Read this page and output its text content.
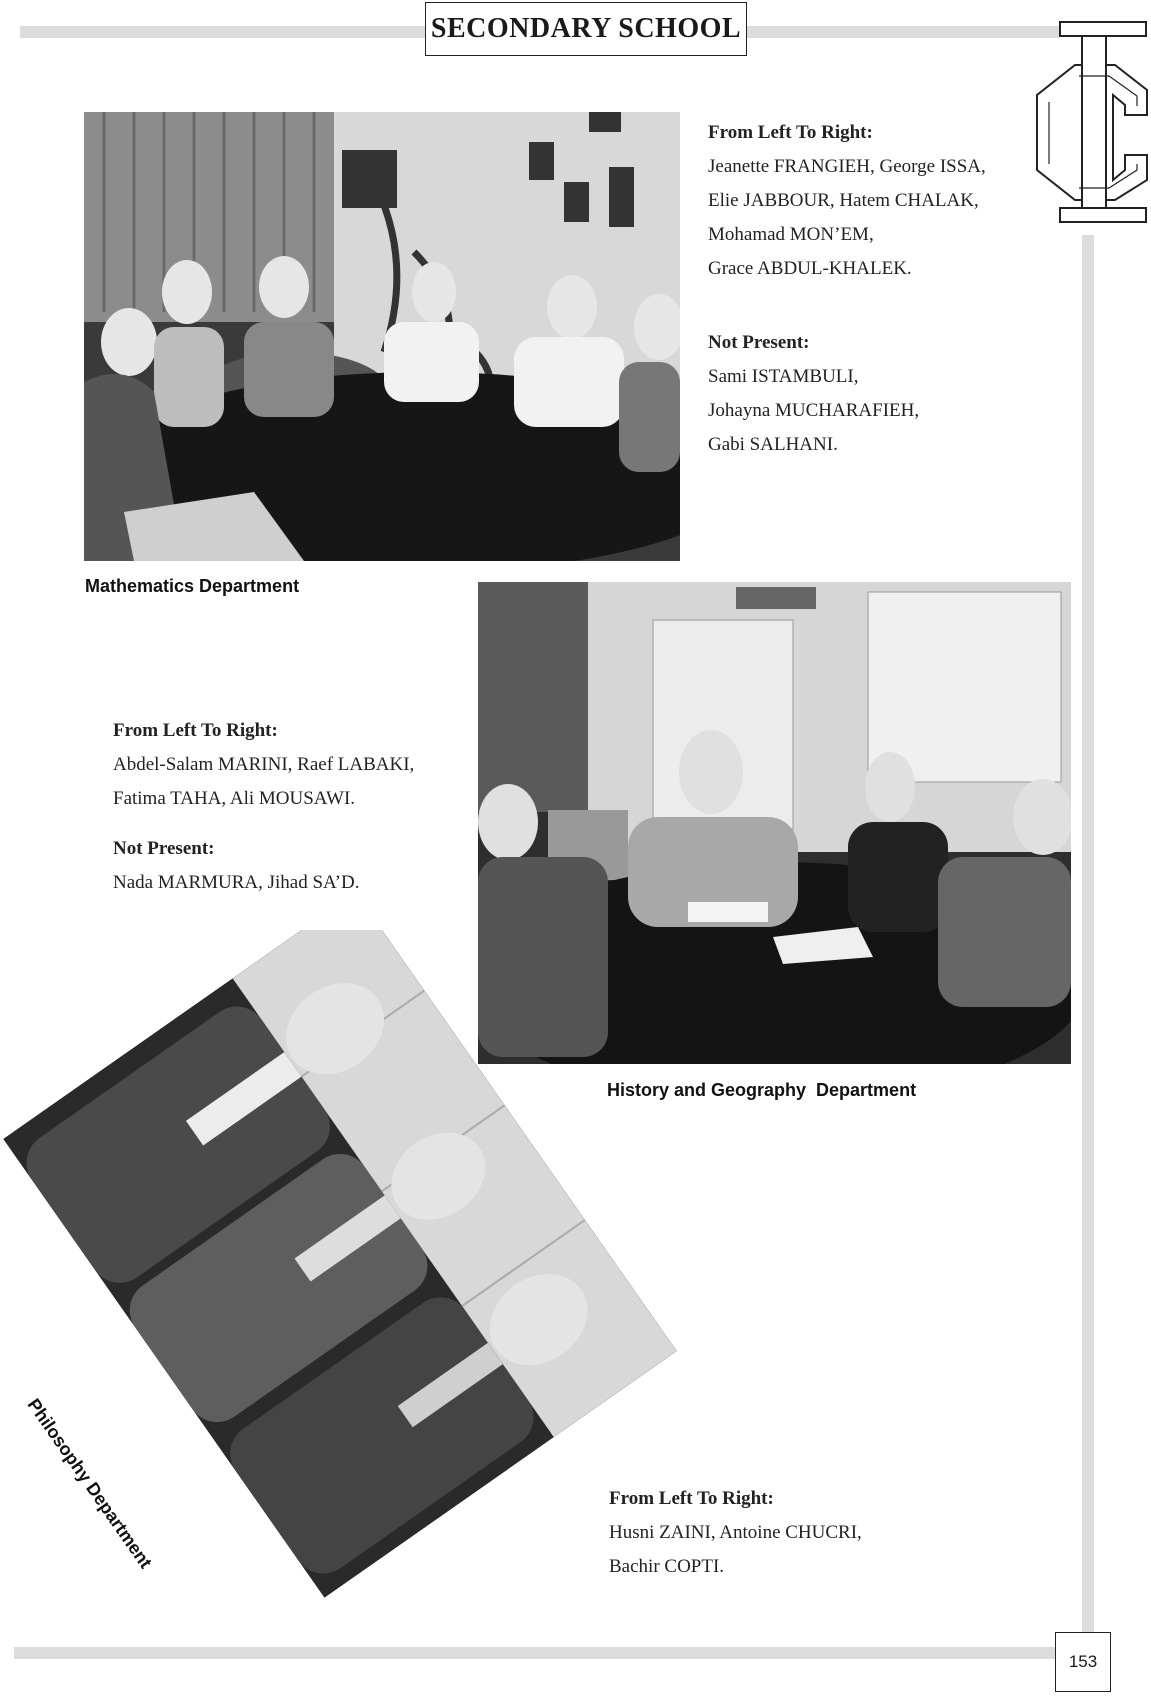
SECONDARY SCHOOL

From Left To Right:

Jeanette FRANGIEH, George ISSA,

Elie JABBOUR, Hatem CHALAK,

Mohamad MON’EM,

Grace ABDUL-KHALEK.

Not Present:

Sami ISTAMBULI,

Johayna MUCHARAFIEH,

Gabi SALHANI.

Mathematics Department

From Left To Right:

Abdel-Salam MARINI, Raef LABAKI,

Fatima TAHA, Ali MOUSAWI.

Not Present:

Nada MARMURA, Jihad SA’D.

History and Geography  Department
Philosophy Department	From Left To Right:

Husni ZAINI, Antoine CHUCRI,

Bachir COPTI.

153
